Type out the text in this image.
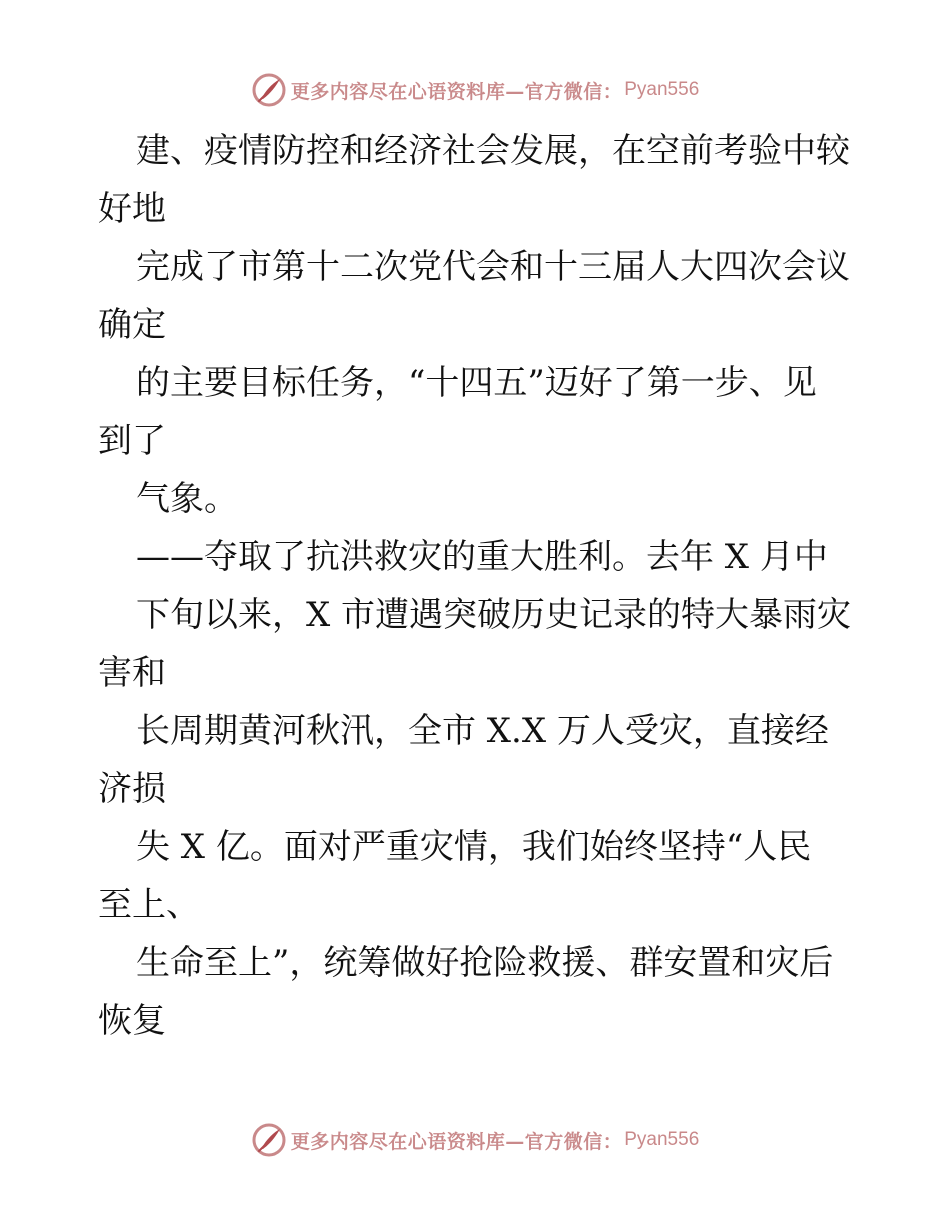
更多内容尽在心语资料库—官方微信： Pyan556
建、疫情防控和经济社会发展，在空前考验中较
好地
完成了市第十二次党代会和十三届人大四次会议
确定
的主要目标任务，“十四五”迈好了第一步、见
到了
气象。
——夺取了抗洪救灾的重大胜利。去年 X 月中
下旬以来，X 市遭遇突破历史记录的特大暴雨灾
害和
长周期黄河秋汛，全市 X.X 万人受灾，直接经
济损
失 X 亿。面对严重灾情，我们始终坚持“人民
至上、
生命至上”，统筹做好抢险救援、群安置和灾后
恢复
更多内容尽在心语资料库—官方微信： Pyan556
